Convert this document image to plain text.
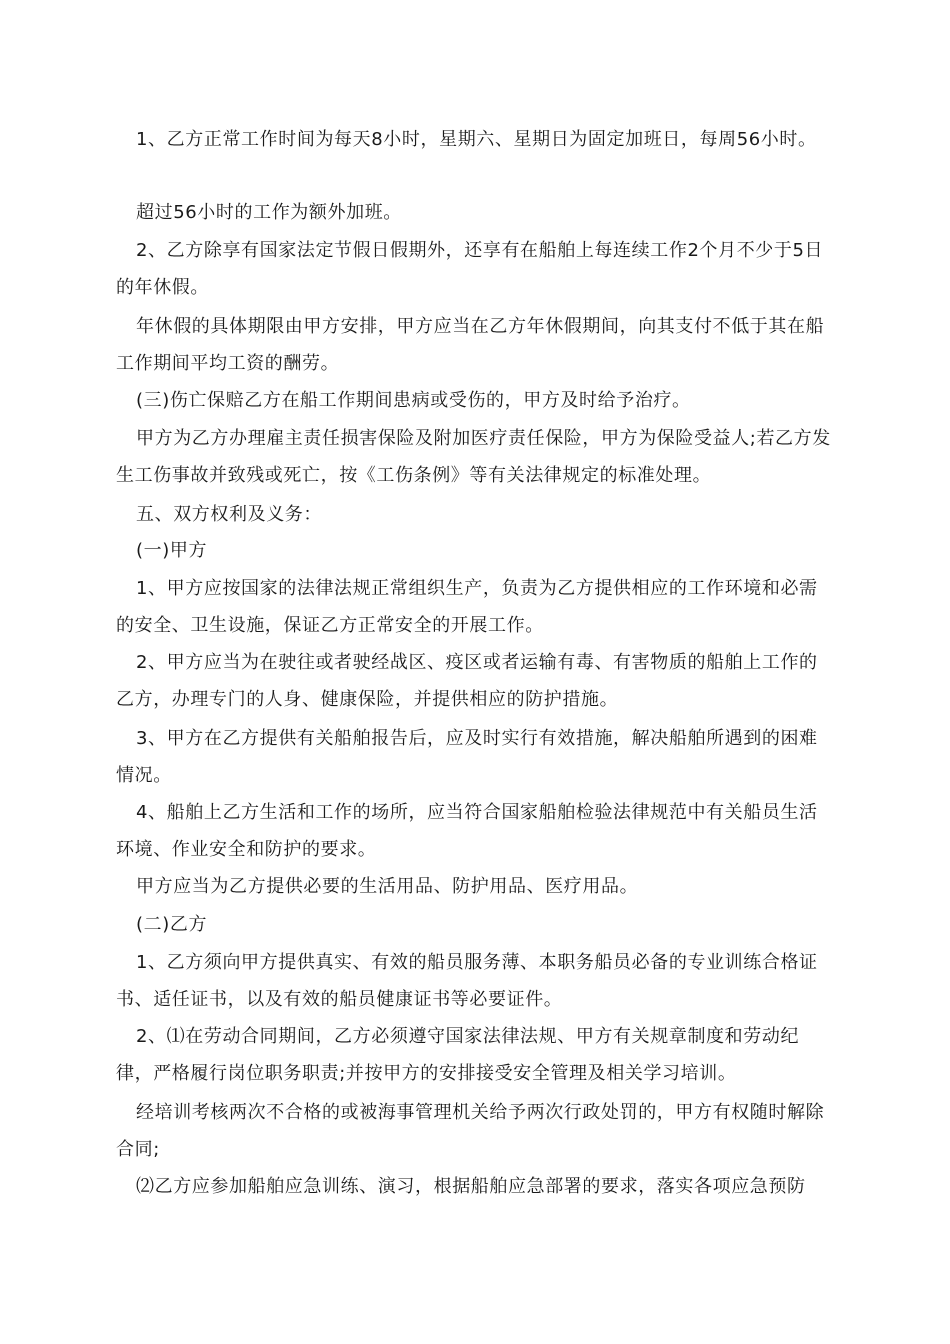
1、乙方正常工作时间为每天8小时，星期六、星期日为固定加班日，每周56小时。

超过56小时的工作为额外加班。

2、乙方除享有国家法定节假日假期外，还享有在船舶上每连续工作2个月不少于5日的年休假。

年休假的具体期限由甲方安排，甲方应当在乙方年休假期间，向其支付不低于其在船工作期间平均工资的酬劳。

(三)伤亡保赔乙方在船工作期间患病或受伤的，甲方及时给予治疗。

甲方为乙方办理雇主责任损害保险及附加医疗责任保险，甲方为保险受益人;若乙方发生工伤事故并致残或死亡，按《工伤条例》等有关法律规定的标准处理。

五、双方权利及义务：

(一)甲方

1、甲方应按国家的法律法规正常组织生产，负责为乙方提供相应的工作环境和必需的安全、卫生设施，保证乙方正常安全的开展工作。

2、甲方应当为在驶往或者驶经战区、疫区或者运输有毒、有害物质的船舶上工作的乙方，办理专门的人身、健康保险，并提供相应的防护措施。

3、甲方在乙方提供有关船舶报告后，应及时实行有效措施，解决船舶所遇到的困难情况。

4、船舶上乙方生活和工作的场所，应当符合国家船舶检验法律规范中有关船员生活环境、作业安全和防护的要求。

甲方应当为乙方提供必要的生活用品、防护用品、医疗用品。

(二)乙方

1、乙方须向甲方提供真实、有效的船员服务薄、本职务船员必备的专业训练合格证书、适任证书，以及有效的船员健康证书等必要证件。

2、⑴在劳动合同期间，乙方必须遵守国家法律法规、甲方有关规章制度和劳动纪律，严格履行岗位职务职责;并按甲方的安排接受安全管理及相关学习培训。

经培训考核两次不合格的或被海事管理机关给予两次行政处罚的，甲方有权随时解除合同;

⑵乙方应参加船舶应急训练、演习，根据船舶应急部署的要求，落实各项应急预防
